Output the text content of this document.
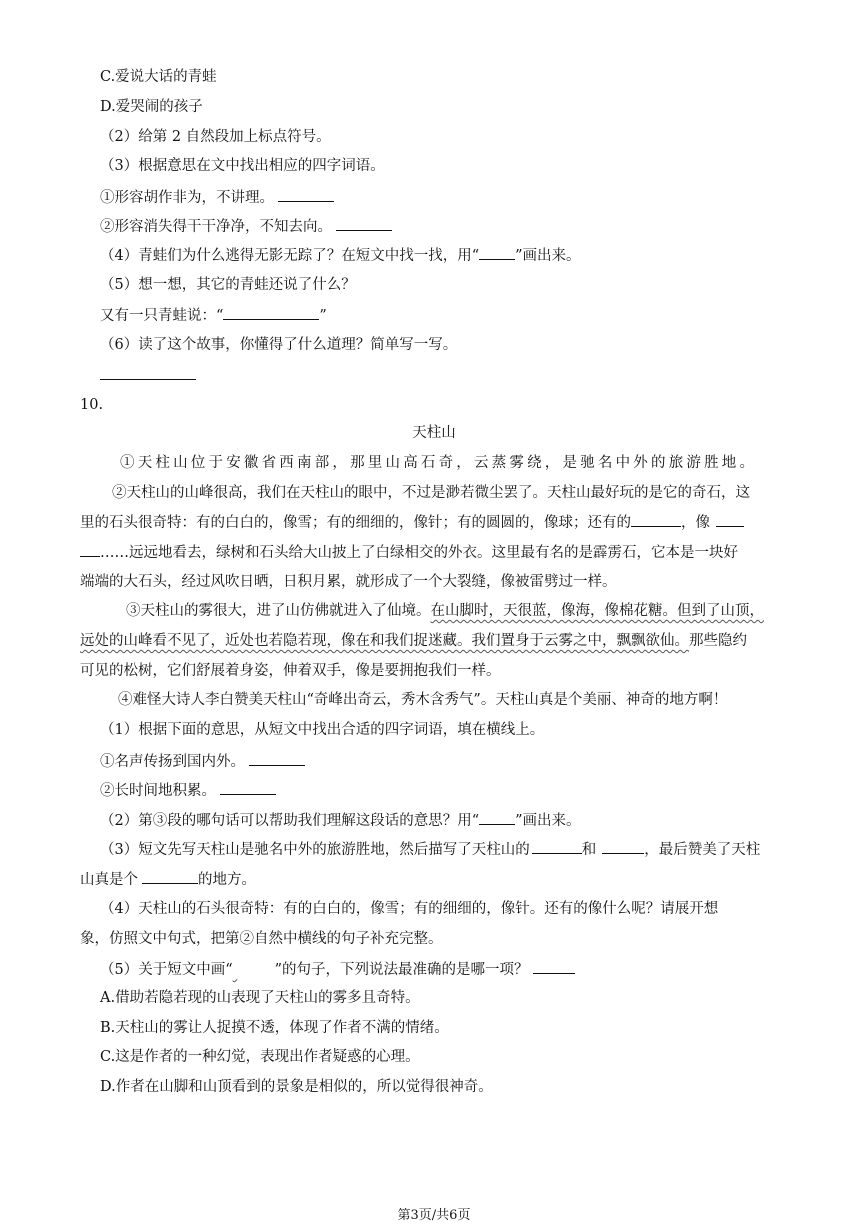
C.爱说大话的青蛙
D.爱哭闹的孩子
（2）给第 2 自然段加上标点符号。
（3）根据意思在文中找出相应的四字词语。
①形容胡作非为，不讲理。
②形容消失得干干净净，不知去向。
（4）青蛙们为什么逃得无影无踪了？在短文中找一找，用“ ”画出来。
（5）想一想，其它的青蛙还说了什么？
又有一只青蛙说：“	”
（6）读了这个故事，你懂得了什么道理？简单写一写。
10.
天柱山
①天柱山位于安徽省西南部，那里山高石奇，云蒸雾绕，是驰名中外的旅游胜地。
②天柱山的山峰很高，我们在天柱山的眼中，不过是渺若微尘罢了。天柱山最好玩的是它的奇石，这
里的石头很奇特：有的白白的，像雪；有的细细的，像针；有的圆圆的，像球；还有的	，像
……远远地看去，绿树和石头给大山披上了白绿相交的外衣。这里最有名的是霹雳石，它本是一块好
端端的大石头，经过风吹日晒，日积月累，就形成了一个大裂缝，像被雷劈过一样。
③天柱山的雾很大，进了山仿佛就进入了仙境。在山脚时，天很蓝，像海，像棉花糖。但到了山顶，
远处的山峰看不见了，近处也若隐若现，像在和我们捉迷藏。我们置身于云雾之中，飘飘欲仙。那些隐约
可见的松树，它们舒展着身姿，伸着双手，像是要拥抱我们一样。
④难怪大诗人李白赞美天柱山“奇峰出奇云，秀木含秀气”。天柱山真是个美丽、神奇的地方啊！
（1）根据下面的意思，从短文中找出合适的四字词语，填在横线上。
①名声传扬到国内外。
②长时间地积累。
（2）第③段的哪句话可以帮助我们理解这段话的意思？用“ ”画出来。
（3）短文先写天柱山是驰名中外的旅游胜地，然后描写了天柱山的	和	，最后赞美了天柱
山真是个	的地方。
（4）天柱山的石头很奇特：有的白白的，像雪；有的细细的，像针。还有的像什么呢？请展开想
象，仿照文中句式，把第②自然中横线的句子补充完整。
（5）关于短文中画“	”的句子，下列说法最准确的是哪一项？
A.借助若隐若现的山表现了天柱山的雾多且奇特。
B.天柱山的雾让人捉摸不透，体现了作者不满的情绪。
C.这是作者的一种幻觉，表现出作者疑惑的心理。
D.作者在山脚和山顶看到的景象是相似的，所以觉得很神奇。
第3页/共6页
